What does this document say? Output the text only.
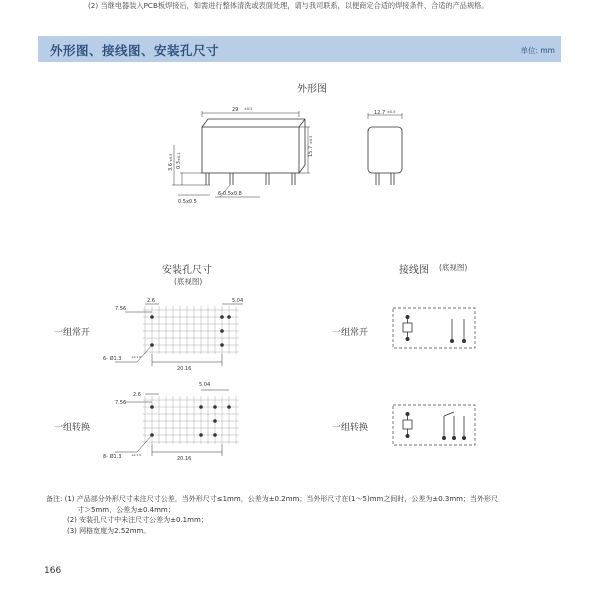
(2) 当继电器装入PCB板焊接后，如需进行整体清洗或表面处理，请与我司联系，以便商定合适的焊接条件、合适的产品规格。
外形图、接线图、安装孔尺寸	单位: mm
外形图
29 ±0.5
15.7
±0.5
3.6
±0.5
0.3
±0.1
6-0.5x0.8
0.5x0.5
12.7 ±0.5
安装孔尺寸
(底视图)
接线图 (底视图)
一组常开
一组转换
一组常开
一组转换
2.6
7.56
5.04
20.16
6- Ø1.3	+0.1 0
2.6
7.56
5.04
20.16
8- Ø1.3	+0.1 0
备注: (1) 产品部分外形尺寸未注尺寸公差，当外形尺寸≤1mm，公差为±0.2mm；当外形尺寸在(1～5)mm之间时，公差为±0.3mm；当外形尺
寸＞5mm，公差为±0.4mm；
(2) 安装孔尺寸中未注尺寸公差为±0.1mm；
(3) 网格宽度为2.52mm。
166
